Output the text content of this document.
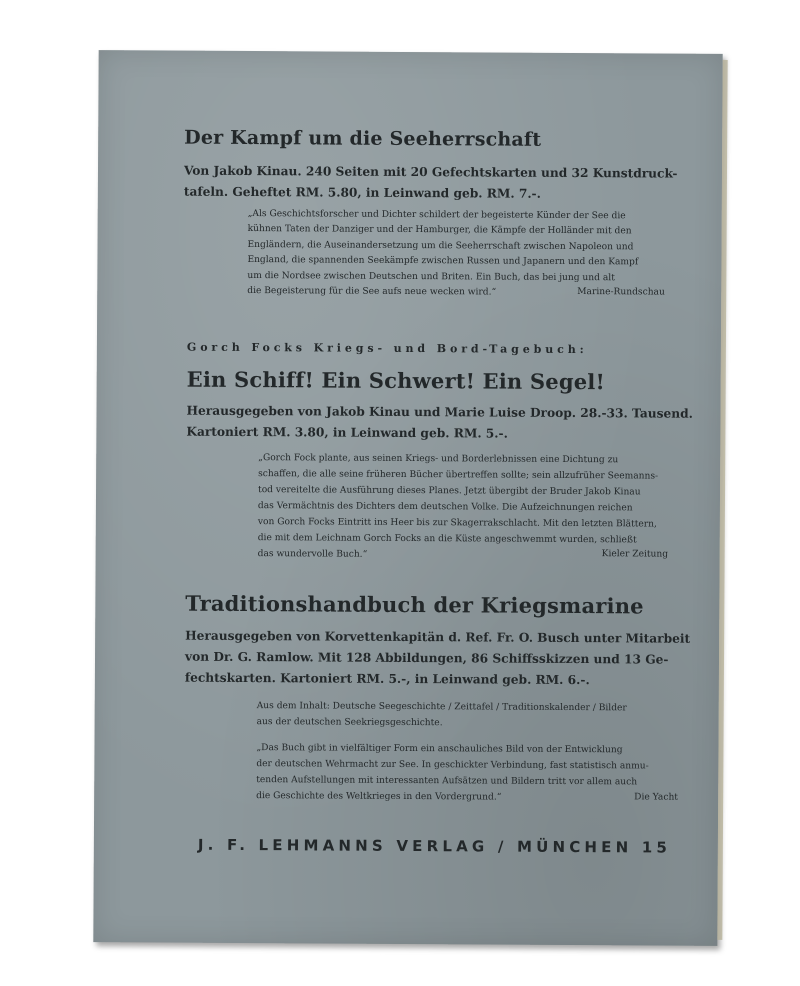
Der Kampf um die Seeherrschaft
Von Jakob Kinau. 240 Seiten mit 20 Gefechtskarten und 32 Kunstdruck-
tafeln. Geheftet RM. 5.80, in Leinwand geb. RM. 7.-.
„Als Geschichtsforscher und Dichter schildert der begeisterte Künder der See die
kühnen Taten der Danziger und der Hamburger, die Kämpfe der Holländer mit den
Engländern, die Auseinandersetzung um die Seeherrschaft zwischen Napoleon und
England, die spannenden Seekämpfe zwischen Russen und Japanern und den Kampf
um die Nordsee zwischen Deutschen und Briten. Ein Buch, das bei jung und alt
die Begeisterung für die See aufs neue wecken wird.“	Marine-Rundschau
Gorch Focks Kriegs- und Bord-Tagebuch:
Ein Schiff! Ein Schwert! Ein Segel!
Herausgegeben von Jakob Kinau und Marie Luise Droop. 28.-33. Tausend.
Kartoniert RM. 3.80, in Leinwand geb. RM. 5.-.
„Gorch Fock plante, aus seinen Kriegs- und Borderlebnissen eine Dichtung zu
schaffen, die alle seine früheren Bücher übertreffen sollte; sein allzufrüher Seemanns-
tod vereitelte die Ausführung dieses Planes. Jetzt übergibt der Bruder Jakob Kinau
das Vermächtnis des Dichters dem deutschen Volke. Die Aufzeichnungen reichen
von Gorch Focks Eintritt ins Heer bis zur Skagerrakschlacht. Mit den letzten Blättern,
die mit dem Leichnam Gorch Focks an die Küste angeschwemmt wurden, schließt
das wundervolle Buch.“	Kieler Zeitung
Traditionshandbuch der Kriegsmarine
Herausgegeben von Korvettenkapitän d. Ref. Fr. O. Busch unter Mitarbeit
von Dr. G. Ramlow. Mit 128 Abbildungen, 86 Schiffsskizzen und 13 Ge-
fechtskarten. Kartoniert RM. 5.-, in Leinwand geb. RM. 6.-.
Aus dem Inhalt: Deutsche Seegeschichte / Zeittafel / Traditionskalender / Bilder
aus der deutschen Seekriegsgeschichte.
„Das Buch gibt in vielfältiger Form ein anschauliches Bild von der Entwicklung
der deutschen Wehrmacht zur See. In geschickter Verbindung, fast statistisch anmu-
tenden Aufstellungen mit interessanten Aufsätzen und Bildern tritt vor allem auch
die Geschichte des Weltkrieges in den Vordergrund.“	Die Yacht
J. F. LEHMANNS VERLAG / MÜNCHEN 15
